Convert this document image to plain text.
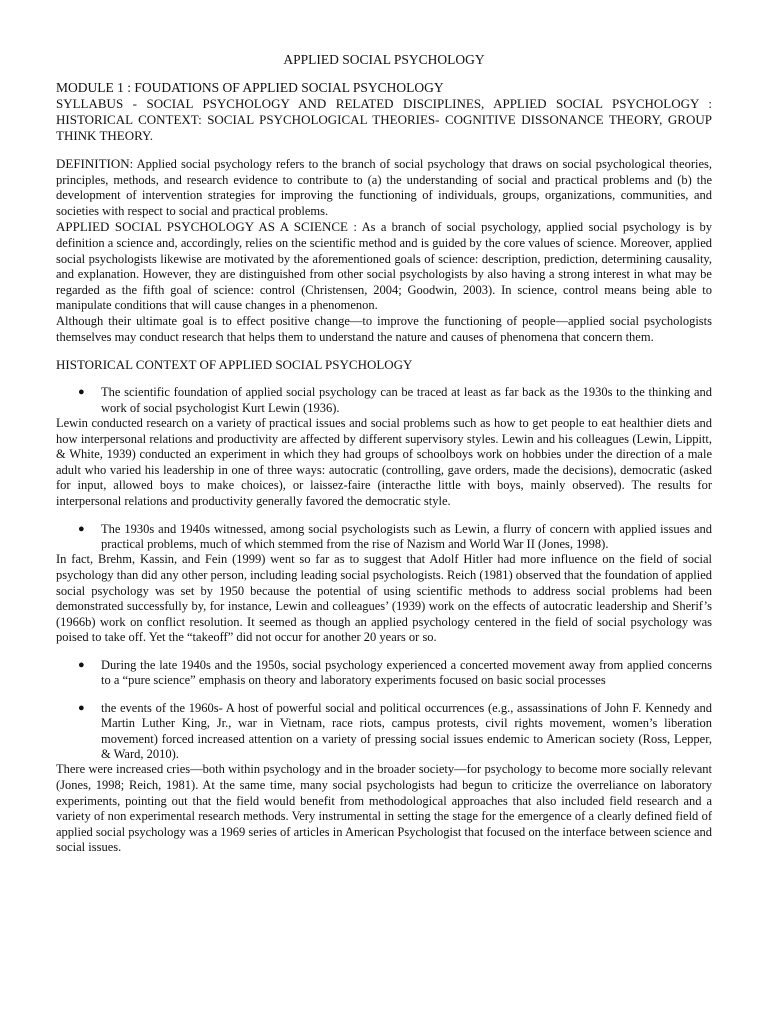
APPLIED SOCIAL PSYCHOLOGY
MODULE 1 : FOUDATIONS OF APPLIED SOCIAL PSYCHOLOGY
SYLLABUS - SOCIAL PSYCHOLOGY AND RELATED DISCIPLINES, APPLIED SOCIAL PSYCHOLOGY : HISTORICAL CONTEXT: SOCIAL PSYCHOLOGICAL THEORIES- COGNITIVE DISSONANCE THEORY, GROUP THINK THEORY.

DEFINITION: Applied social psychology refers to the branch of social psychology that draws on social psychological theories, principles, methods, and research evidence to contribute to (a) the understanding of social and practical problems and (b) the development of intervention strategies for improving the functioning of individuals, groups, organizations, communities, and societies with respect to social and practical problems.

APPLIED SOCIAL PSYCHOLOGY AS A SCIENCE : As a branch of social psychology, applied social psychology is by definition a science and, accordingly, relies on the scientific method and is guided by the core values of science. Moreover, applied social psychologists likewise are motivated by the aforementioned goals of science: description, prediction, determining causality, and explanation. However, they are distinguished from other social psychologists by also having a strong interest in what may be regarded as the fifth goal of science: control (Christensen, 2004; Goodwin, 2003). In science, control means being able to manipulate conditions that will cause changes in a phenomenon.

Although their ultimate goal is to effect positive change—to improve the functioning of people—applied social psychologists themselves may conduct research that helps them to understand the nature and causes of phenomena that concern them.

HISTORICAL CONTEXT OF APPLIED SOCIAL PSYCHOLOGY
● The scientific foundation of applied social psychology can be traced at least as far back as the 1930s to the thinking and work of social psychologist Kurt Lewin (1936).

Lewin conducted research on a variety of practical issues and social problems such as how to get people to eat healthier diets and how interpersonal relations and productivity are affected by different supervisory styles. Lewin and his colleagues (Lewin, Lippitt, & White, 1939) conducted an experiment in which they had groups of schoolboys work on hobbies under the direction of a male adult who varied his leadership in one of three ways: autocratic (controlling, gave orders, made the decisions), democratic (asked for input, allowed boys to make choices), or laissez-faire (interacthe little with boys, mainly observed). The results for interpersonal relations and productivity generally favored the democratic style.

● The 1930s and 1940s witnessed, among social psychologists such as Lewin, a flurry of concern with applied issues and practical problems, much of which stemmed from the rise of Nazism and World War II (Jones, 1998).

In fact, Brehm, Kassin, and Fein (1999) went so far as to suggest that Adolf Hitler had more influence on the field of social psychology than did any other person, including leading social psychologists. Reich (1981) observed that the foundation of applied social psychology was set by 1950 because the potential of using scientific methods to address social problems had been demonstrated successfully by, for instance, Lewin and colleagues’ (1939) work on the effects of autocratic leadership and Sherif’s (1966b) work on conflict resolution. It seemed as though an applied psychology centered in the field of social psychology was poised to take off. Yet the “takeoff” did not occur for another 20 years or so.

● During the late 1940s and the 1950s, social psychology experienced a concerted movement away from applied concerns to a “pure science” emphasis on theory and laboratory experiments focused on basic social processes
● the events of the 1960s- A host of powerful social and political occurrences (e.g., assassinations of John F. Kennedy and Martin Luther King, Jr., war in Vietnam, race riots, campus protests, civil rights movement, women’s liberation movement) forced increased attention on a variety of pressing social issues endemic to American society (Ross, Lepper, & Ward, 2010).

There were increased cries—both within psychology and in the broader society—for psychology to become more socially relevant (Jones, 1998; Reich, 1981). At the same time, many social psychologists had begun to criticize the overreliance on laboratory experiments, pointing out that the field would benefit from methodological approaches that also included field research and a variety of non experimental research methods. Very instrumental in setting the stage for the emergence of a clearly defined field of applied social psychology was a 1969 series of articles in American Psychologist that focused on the interface between science and social issues.
